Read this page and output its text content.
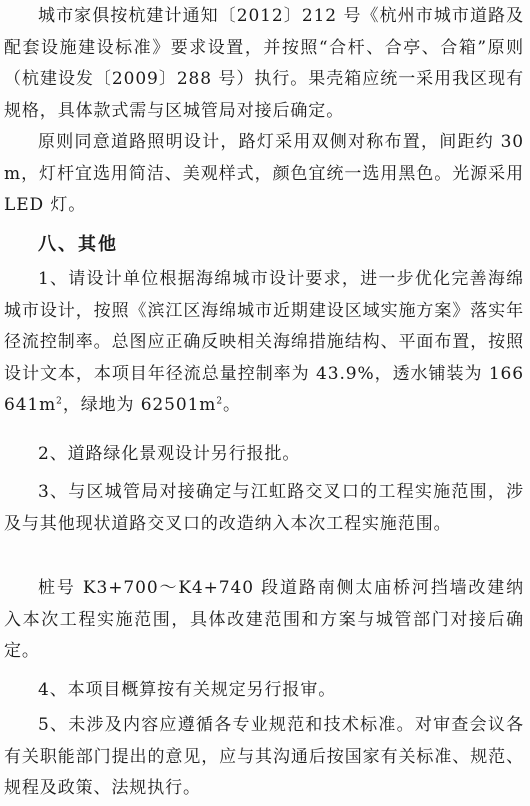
城市家俱按杭建计通知〔2012〕212 号《杭州市城市道路及配套设施建设标准》要求设置，并按照“合杆、合亭、合箱”原则（杭建设发〔2009〕288 号）执行。果壳箱应统一采用我区现有规格，具体款式需与区城管局对接后确定。

原则同意道路照明设计，路灯采用双侧对称布置，间距约 30m，灯杆宜选用简洁、美观样式，颜色宜统一选用黑色。光源采用 LED 灯。

八、其他

1、请设计单位根据海绵城市设计要求，进一步优化完善海绵城市设计，按照《滨江区海绵城市近期建设区域实施方案》落实年径流控制率。总图应正确反映相关海绵措施结构、平面布置，按照设计文本，本项目年径流总量控制率为 43.9%，透水铺装为 $166641m^2$，绿地为 $62501m^2$。

2、道路绿化景观设计另行报批。

3、与区城管局对接确定与江虹路交叉口的工程实施范围，涉及与其他现状道路交叉口的改造纳入本次工程实施范围。

桩号 K3+700～K4+740 段道路南侧太庙桥河挡墙改建纳入本次工程实施范围，具体改建范围和方案与城管部门对接后确定。

4、本项目概算按有关规定另行报审。

5、未涉及内容应遵循各专业规范和技术标准。对审查会议各有关职能部门提出的意见，应与其沟通后按国家有关标准、规范、规程及政策、法规执行。
